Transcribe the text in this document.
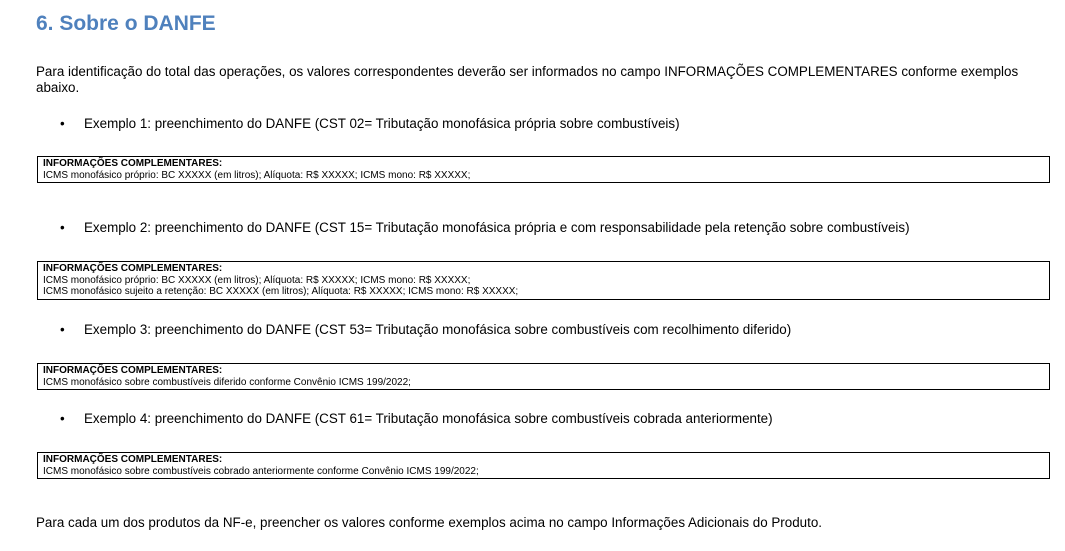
6. Sobre o DANFE

Para identificação do total das operações, os valores correspondentes deverão ser informados no campo INFORMAÇÕES COMPLEMENTARES conforme exemplos abaixo.

•	Exemplo 1: preenchimento do DANFE (CST 02= Tributação monofásica própria sobre combustíveis)
INFORMAÇÕES COMPLEMENTARES:
ICMS monofásico próprio: BC XXXXX (em litros); Alíquota: R$ XXXXX; ICMS mono: R$ XXXXX;
•	Exemplo 2: preenchimento do DANFE (CST 15= Tributação monofásica própria e com responsabilidade pela retenção sobre combustíveis)
INFORMAÇÕES COMPLEMENTARES:
ICMS monofásico próprio: BC XXXXX (em litros); Alíquota: R$ XXXXX; ICMS mono: R$ XXXXX;
ICMS monofásico sujeito a retenção: BC XXXXX (em litros); Alíquota: R$ XXXXX; ICMS mono: R$ XXXXX;
•	Exemplo 3: preenchimento do DANFE (CST 53= Tributação monofásica sobre combustíveis com recolhimento diferido)
INFORMAÇÕES COMPLEMENTARES:
ICMS monofásico sobre combustíveis diferido conforme Convênio ICMS 199/2022;
•	Exemplo 4: preenchimento do DANFE (CST 61= Tributação monofásica sobre combustíveis cobrada anteriormente)
INFORMAÇÕES COMPLEMENTARES:
ICMS monofásico sobre combustíveis cobrado anteriormente conforme Convênio ICMS 199/2022;

Para cada um dos produtos da NF-e, preencher os valores conforme exemplos acima no campo Informações Adicionais do Produto.
